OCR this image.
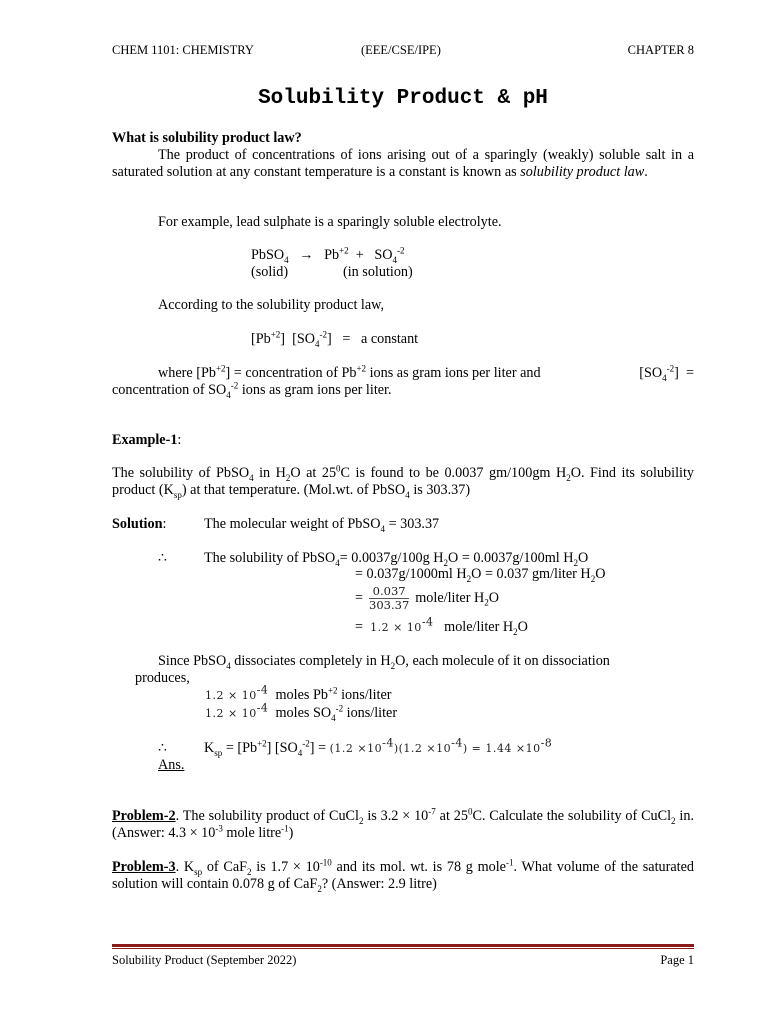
CHEM 1101: CHEMISTRY	(EEE/CSE/IPE)	CHAPTER 8
Solubility Product & pH
What is solubility product law?
The product of concentrations of ions arising out of a sparingly (weakly) soluble salt in a saturated solution at any constant temperature is a constant is known as solubility product law.
For example, lead sulphate is a sparingly soluble electrolyte.
PbSO$_4$   →   $Pb^{+2} + SO_4^{-2}$
(solid)	(in solution)
According to the solubility product law,
$[Pb^{+2}] [SO_4^{-2}] = a$ constant
where $[Pb^{+2}]$ = concentration of $Pb^{+2}$ ions as gram ions per liter and	$[SO_4^{-2}]$  =
concentration of $SO_4^{-2}$ ions as gram ions per liter.
Example-1:
The solubility of PbSO$_4$ in $H_2O$ at $25^0C$ is found to be 0.0037 gm/100gm $H_2O$. Find its solubility product $(K_{sp})$ at that temperature. (Mol.wt. of PbSO$_4$ is 303.37)
Solution:	The molecular weight of PbSO$_4$ = 303.37
∴	The solubility of PbSO$_4$= 0.0037g/100g $H_2O = 0.0037g/100ml$ $H_2O$
= 0.037g/1000ml $H_2O = 0.037$ gm/liter $H_2O$
= $\frac{0.037}{303.37}$ mole/liter $H_2O$
=  $1.2 \times 10^{-4}$ mole/liter $H_2O$
Since PbSO$_4$ dissociates completely in $H_2O$, each molecule of it on dissociation
produces,
$1.2 \times 10^{-4}$ moles $Pb^{+2}$ ions/liter
$1.2 \times 10^{-4}$ moles $SO_4^{-2}$ ions/liter
∴	$K_{sp} = [Pb^{+2}] [SO_4^{-2}] = (1.2 \times 10^{-4})(1.2 \times 10^{-4}) = 1.44 \times 10^{-8}$
Ans.
Problem-2. The solubility product of CuCl$_2$ is $3.2 \times 10^{-7}$ at $25^0C$. Calculate the solubility of CuCl$_2$ in. (Answer: $4.3 \times 10^{-3}$ mole litre$^{-1}$)
Problem-3. $K_{sp}$ of CaF$_2$ is $1.7 \times 10^{-10}$ and its mol. wt. is 78 g mole$^{-1}$. What volume of the saturated solution will contain 0.078 g of CaF$_2$? (Answer: 2.9 litre)
Solubility Product (September 2022)	Page 1
